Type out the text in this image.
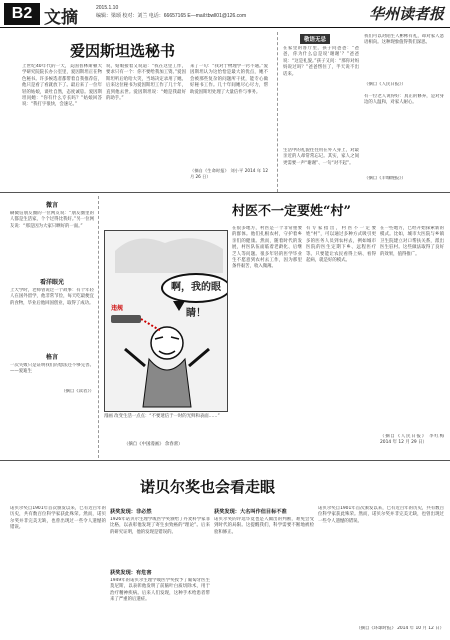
B2 文摘	2015.1.10
编辑：梁颂 校对：刘兰 电话：66657165 E—mail:tbwll01@126.com	华州读者报
爱因斯坦选秘书
上世纪40年代的一天，美国普林斯顿大学研究院院长办公室里，爱因斯坦正在物色秘书。许多候选者都带着自我推荐信，他只是看了看就放下了。最后来了一位年轻的姑娘，谈吐自然，态度诚恳。爱因斯坦问她：“你有什么专长吗？”姑娘回答说：“我打字很快，会速记。”
说，姑娘接着又说道：“我在这里工作，要求只有一个：你不要给我加工资。”爱因斯坦听后哈哈大笑，当场决定录用了她。后来这位秘书为爱因斯坦工作了几十年，直到他去世。爱因斯坦说：“她是我最好的助手。”
来了一句：“我对于物理学一窍不通。”爱因斯坦认为这恰恰是最大的优点，她不会被那些复杂的问题所干扰，能专心做好秘书工作。几十年间她尽心尽力，帮助爱因斯坦处理了大量信件与事务。
（摘自《生命时报》 刘小平 2014 年 12 月 26 日）
敬语无忌
在家里的客厅里，孩子问爸爸：“爸爸，你为什么总是说‘谢谢’？”爸爸说：“这是礼貌。”孩子又问：“那你对妈妈说过吗？”爸爸愣住了，半天说不出话来。
生活中的礼貌往往用在外人身上，对最亲近的人却常常忘记。其实，家人之间更需要一声“谢谢”、一句“对不起”。
我们可以对陌生人彬彬有礼，却对家人恶语相向。这种现象值得我们深思。
（摘自《人民日报》）
有一位老人说得好：真正的修养，是对身边的人温和，对家人耐心。
（摘自《羊城晚报》）
微言
刷微信朋友圈的一位网友说：“朋友圈里的人都是生活家，个个过得比我好。”另一位网友说：“那是因为大家只晒好的一面。”
看洋眼光
上大学时，老师曾说过一个故事：有个年轻人在国外留学，他非常节俭，每天吃最便宜的食物，毕业后他回国创业，取得了成功。
格言
一次失败只是证明我们的想法还不够完善。——爱迪生
（摘自《读者》）
啊，我的眼睛！
违规
漫画 改变生活一点点：“不要迷信于一时的光鲜和表面……”
（摘自《中国漫画》 余春蕾）
村医不一定要姓“村”
在很多地方，村医是一个非常重要的群体。他们扎根农村，守护着乡亲们的健康。然而，随着时代的发展，村医队伍面临着老龄化、后继乏人等问题。很多年轻的医学毕业生不愿意到农村去工作，因为那里条件艰苦，收入微薄。
有专家指出，村医不一定要姓“村”，可以通过多种方式吸引更多的医务人员到农村去，例如城市医院的医生定期下乡、远程医疗等。只要能让农民看得上病、看得起病，就是好的模式。
在一些地方，已经开始探索新的模式。比如，城市大医院与乡镇卫生院建立对口帮扶关系，派出医生驻村。这些做法取得了良好的效果，值得推广。
（摘自《人民日报》 李红梅 2014 年 12 月 29 日）
诺贝尔奖也会看走眼
诺贝尔奖自1901年首次颁发以来，已有近百年的历史，共有数百位科学家获此殊荣。然而，诺贝尔奖并非完美无缺，也曾出现过一些令人遗憾的错误。
获奖发现：非必然
1926年诺贝尔生理学或医学奖颁给了丹麦科学家菲比格，以表彰他发现了寄生虫致癌的“理论”。后来的研究证明，他的发现是错误的。
获奖发现：有危害
1949年的诺贝尔生理学或医学奖授予了葡萄牙医生莫尼斯，以表彰他发明了前脑叶白质切除术，用于治疗精神疾病。后来人们发现，这种手术给患者带来了严重的后遗症。
获奖发现：大名叫作但目标不准
诺贝尔奖的评选毕竟也是人做出的判断，难免会受到时代的局限。这提醒我们，科学需要不断地被检验和修正。
诺贝尔奖自1901年首次颁发以来，已有近百年的历史，共有数百位科学家获此殊荣。然而，诺贝尔奖并非完美无缺，也曾出现过一些令人遗憾的错误。
（摘自《环球时报》 2014 年 10 月 12 日）
